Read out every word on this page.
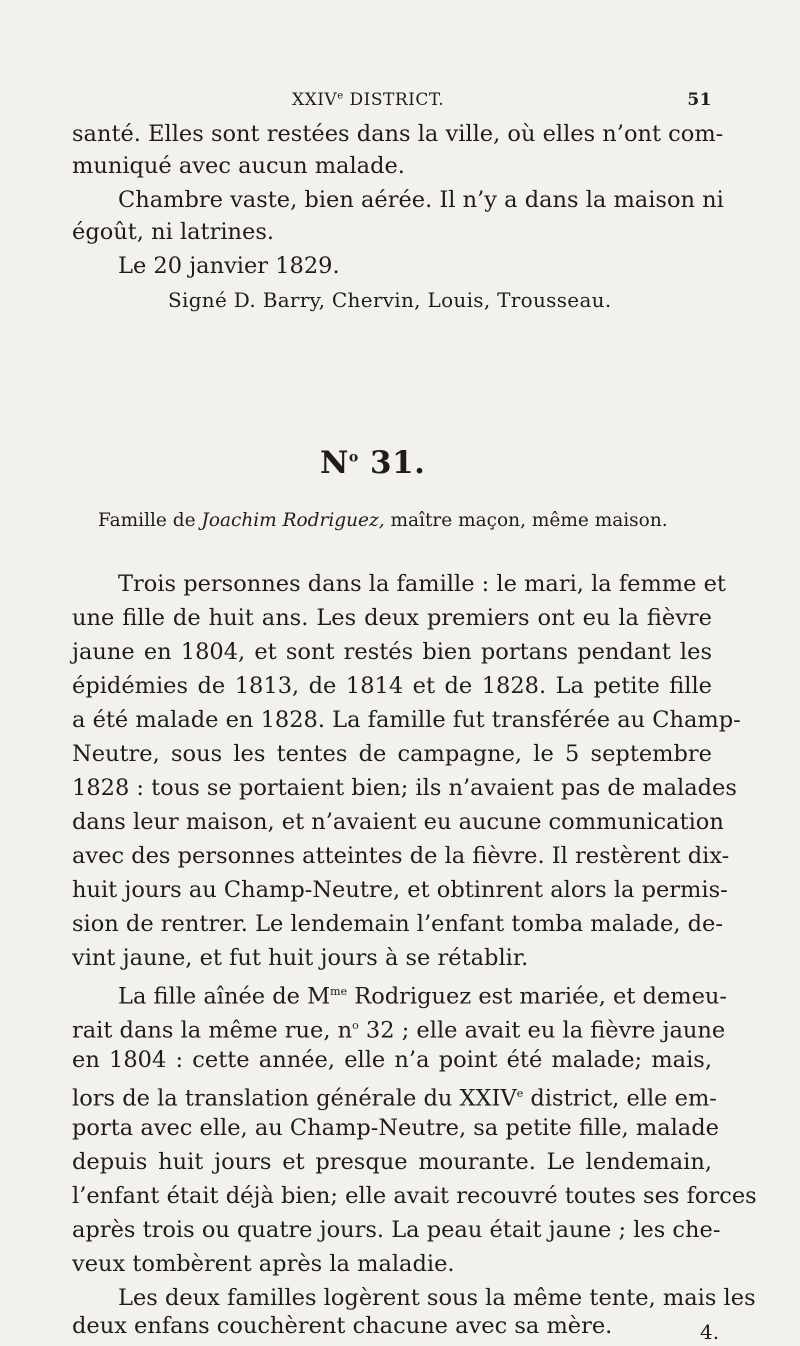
XXIVe DISTRICT.	51
santé. Elles sont restées dans la ville, où elles n’ont com-
muniqué avec aucun malade.
Chambre vaste, bien aérée. Il n’y a dans la maison ni
égoût, ni latrines.
Le 20 janvier 1829.
Signé D. Barry, Chervin, Louis, Trousseau.
$N^o$ 31.
Famille de Joachim Rodriguez, maître maçon, même maison.
Trois personnes dans la famille : le mari, la femme et
une fille de huit ans. Les deux premiers ont eu la fièvre
jaune en 1804, et sont restés bien portans pendant les
épidémies de 1813, de 1814 et de 1828. La petite fille
a été malade en 1828. La famille fut transférée au Champ-
Neutre, sous les tentes de campagne, le 5 septembre
1828 : tous se portaient bien; ils n’avaient pas de malades
dans leur maison, et n’avaient eu aucune communication
avec des personnes atteintes de la fièvre. Il restèrent dix-
huit jours au Champ-Neutre, et obtinrent alors la permis-
sion de rentrer. Le lendemain l’enfant tomba malade, de-
vint jaune, et fut huit jours à se rétablir.
La fille aînée de $M^{me}$ Rodriguez est mariée, et demeu-
rait dans la même rue, $n^o$ 32 ; elle avait eu la fièvre jaune
en 1804 : cette année, elle n’a point été malade; mais,
lors de la translation générale du XXIVe district, elle em-
porta avec elle, au Champ-Neutre, sa petite fille, malade
depuis huit jours et presque mourante. Le lendemain,
l’enfant était déjà bien; elle avait recouvré toutes ses forces
après trois ou quatre jours. La peau était jaune ; les che-
veux tombèrent après la maladie.
Les deux familles logèrent sous la même tente, mais les
deux enfans couchèrent chacune avec sa mère.	4.
